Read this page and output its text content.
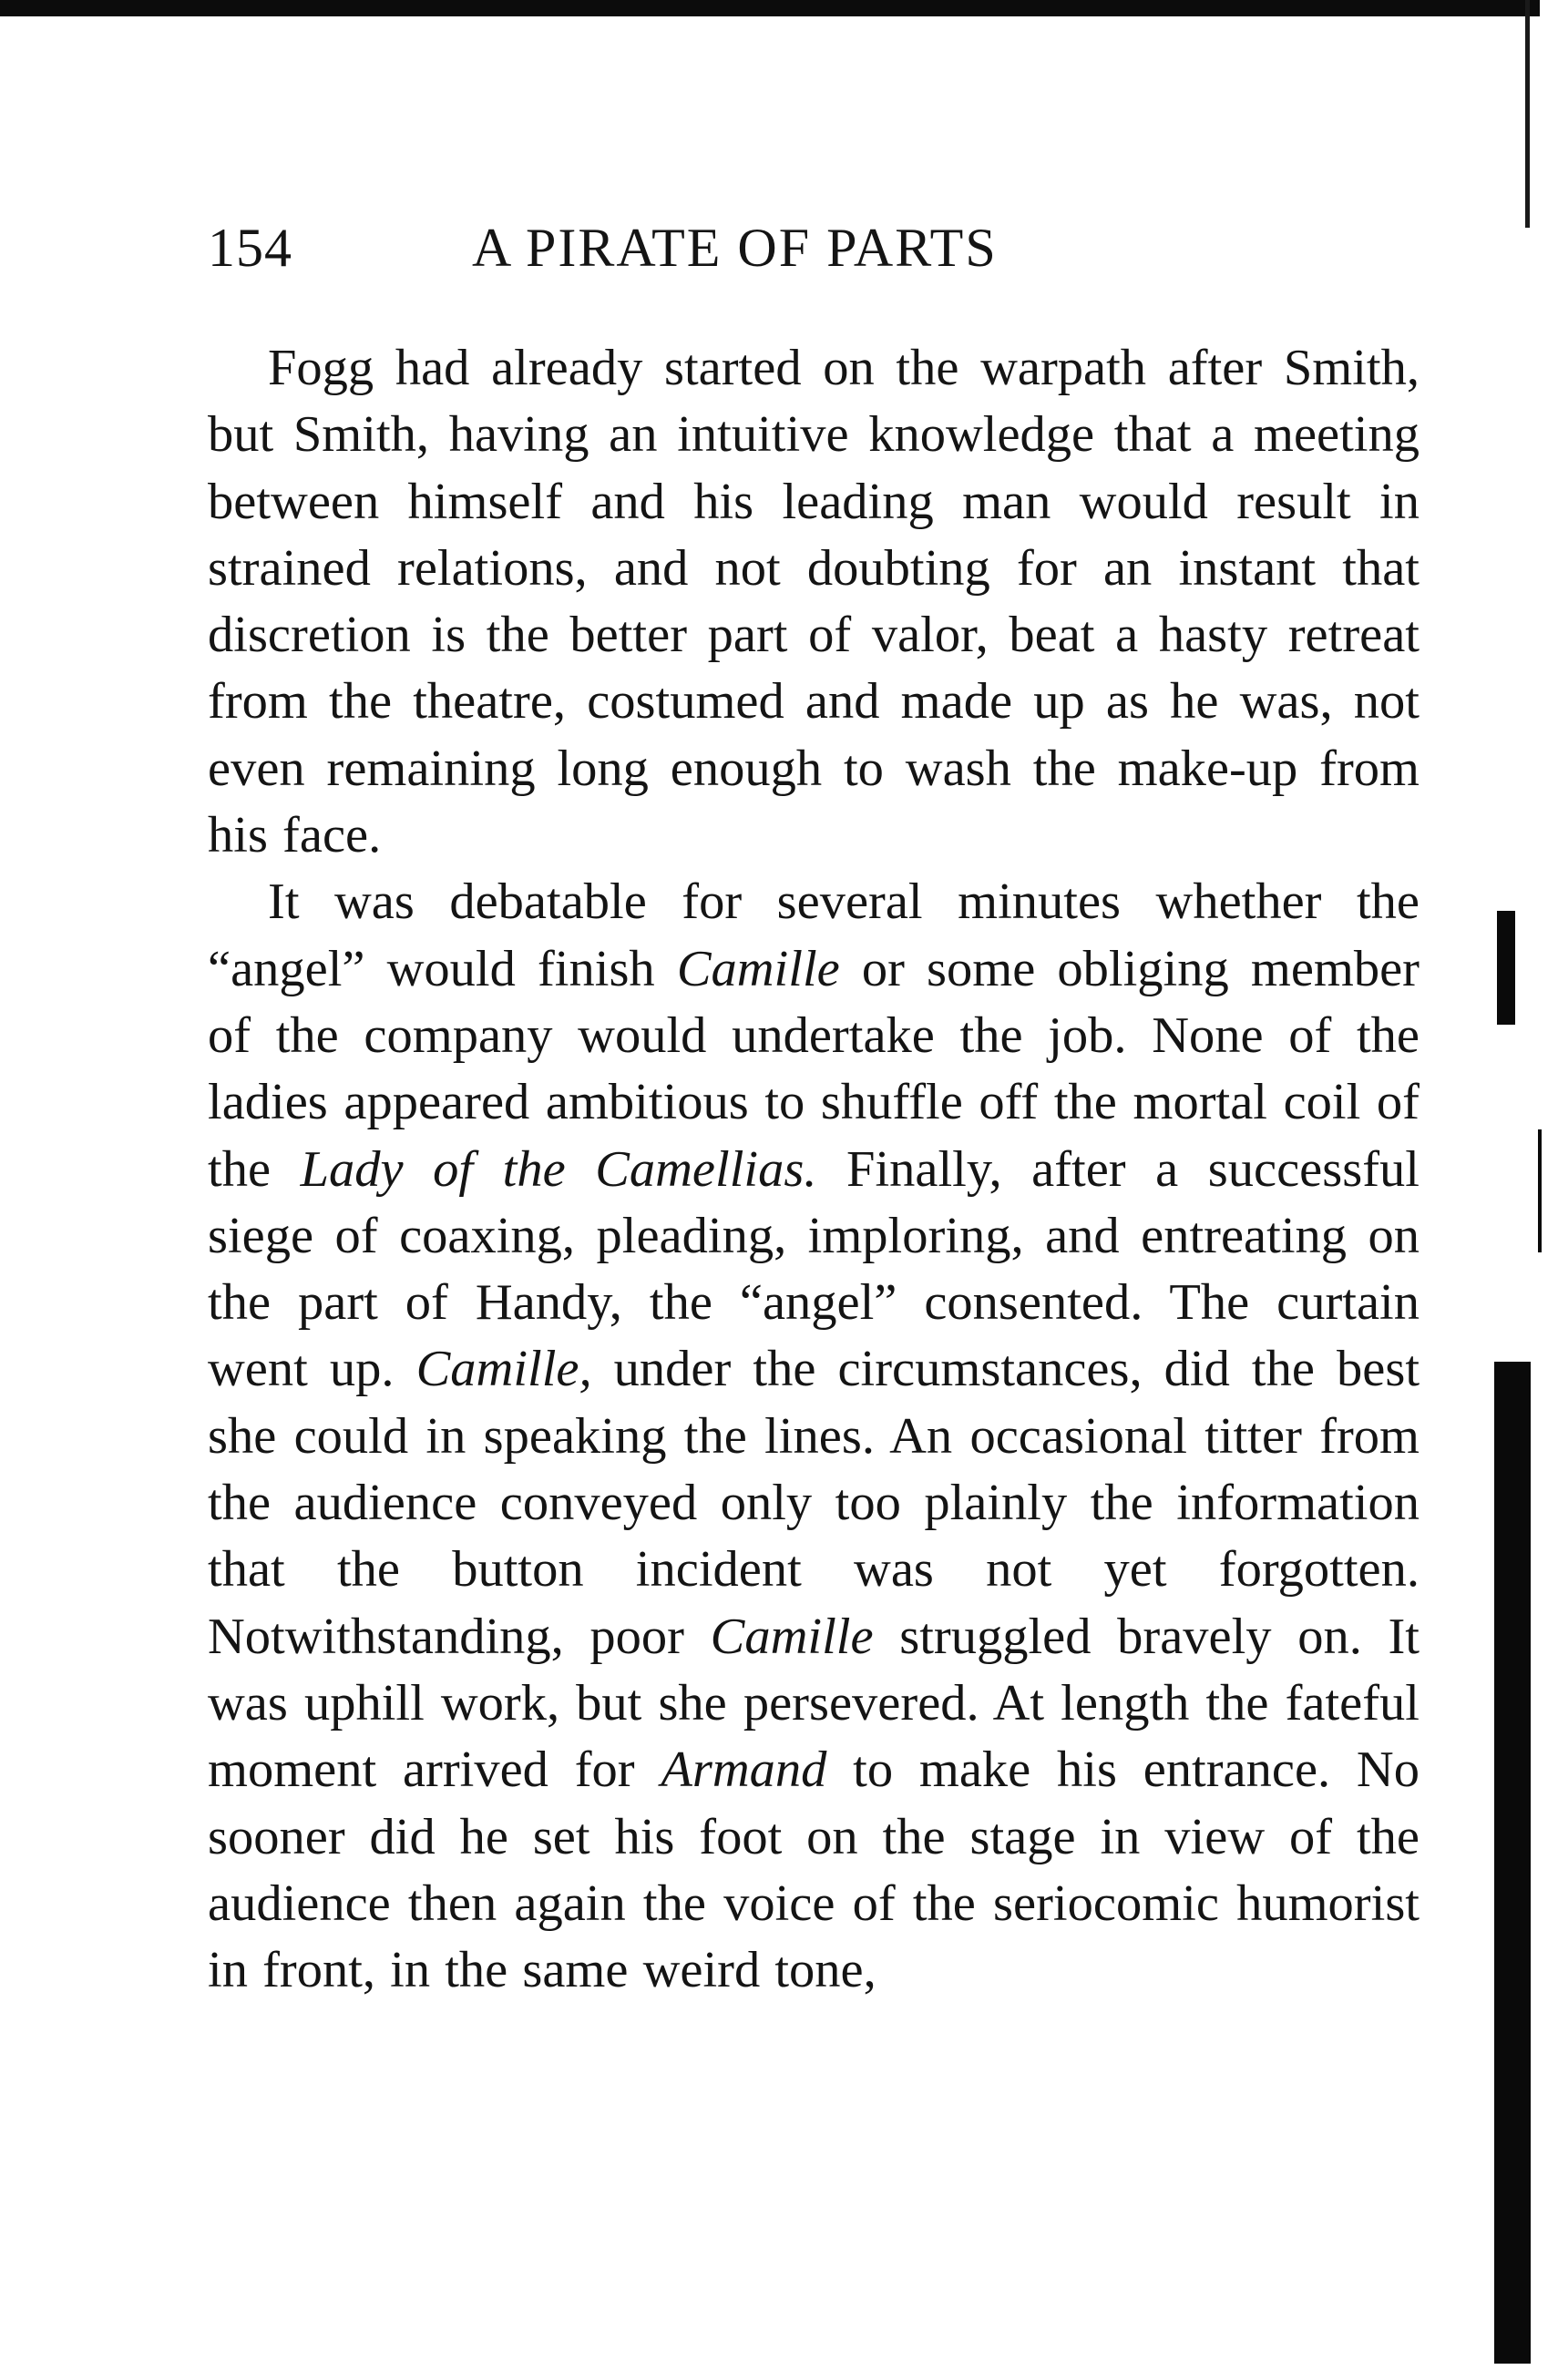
154	A PIRATE OF PARTS

Fogg had already started on the warpath after Smith, but Smith, having an intuitive knowledge that a meeting between himself and his leading man would result in strained relations, and not doubting for an instant that discretion is the better part of valor, beat a hasty retreat from the theatre, costumed and made up as he was, not even remaining long enough to wash the make-up from his face.

It was debatable for several minutes whether the “angel” would finish Camille or some obliging member of the company would undertake the job. None of the ladies appeared ambitious to shuffle off the mortal coil of the Lady of the Camellias. Finally, after a successful siege of coaxing, pleading, imploring, and entreating on the part of Handy, the “angel” consented. The curtain went up. Camille, under the circumstances, did the best she could in speaking the lines. An occasional titter from the audience conveyed only too plainly the information that the button incident was not yet forgotten. Notwithstanding, poor Camille struggled bravely on. It was uphill work, but she persevered. At length the fateful moment arrived for Armand to make his entrance. No sooner did he set his foot on the stage in view of the audience then again the voice of the seriocomic humorist in front, in the same weird tone,
